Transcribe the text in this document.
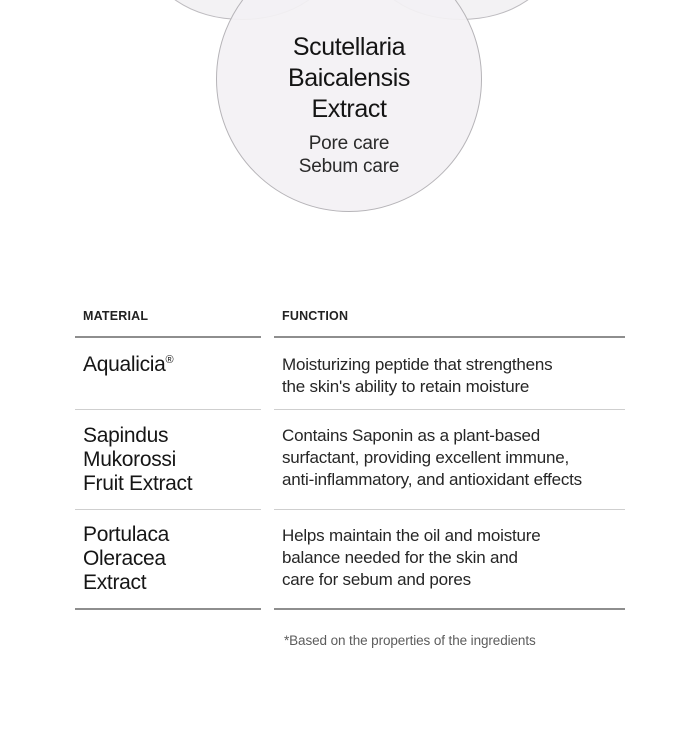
Scutellaria
Baicalensis
Extract
Pore care
Sebum care
MATERIAL	FUNCTION
Aqualicia®	Moisturizing peptide that strengthens
the skin's ability to retain moisture
Sapindus
Mukorossi
Fruit Extract
Contains Saponin as a plant-based
surfactant, providing excellent immune,
anti-inflammatory, and antioxidant effects
Portulaca
Oleracea
Extract
Helps maintain the oil and moisture
balance needed for the skin and
care for sebum and pores
*Based on the properties of the ingredients
